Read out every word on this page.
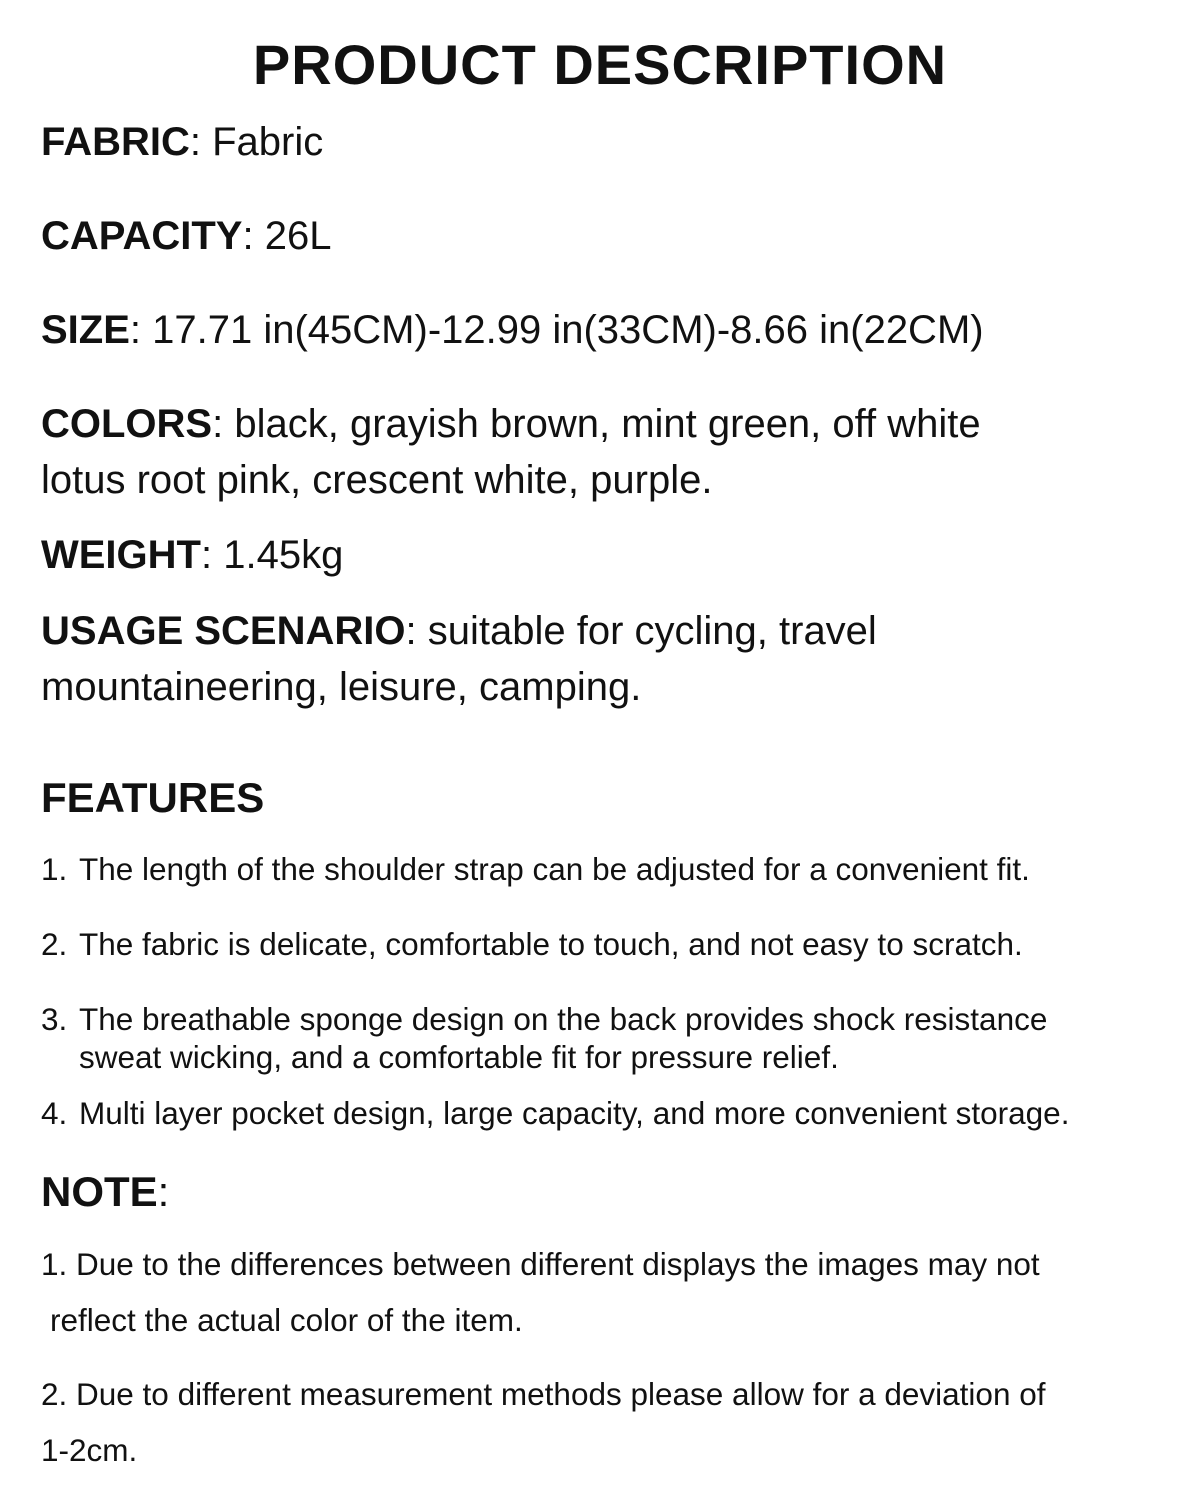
PRODUCT DESCRIPTION

FABRIC: Fabric

CAPACITY: 26L

SIZE: 17.71 in(45CM)-12.99 in(33CM)-8.66 in(22CM)

COLORS: black, grayish brown, mint green, off white
lotus root pink, crescent white, purple.

WEIGHT: 1.45kg

USAGE SCENARIO: suitable for cycling, travel
mountaineering, leisure, camping.

FEATURES

1. The length of the shoulder strap can be adjusted for a convenient fit.

2. The fabric is delicate, comfortable to touch, and not easy to scratch.

3. The breathable sponge design on the back provides shock resistance
sweat wicking, and a comfortable fit for pressure relief.

4. Multi layer pocket design, large capacity, and more convenient storage.

NOTE:

1. Due to the differences between different displays the images may not
reflect the actual color of the item.

2. Due to different measurement methods please allow for a deviation of
1-2cm.
